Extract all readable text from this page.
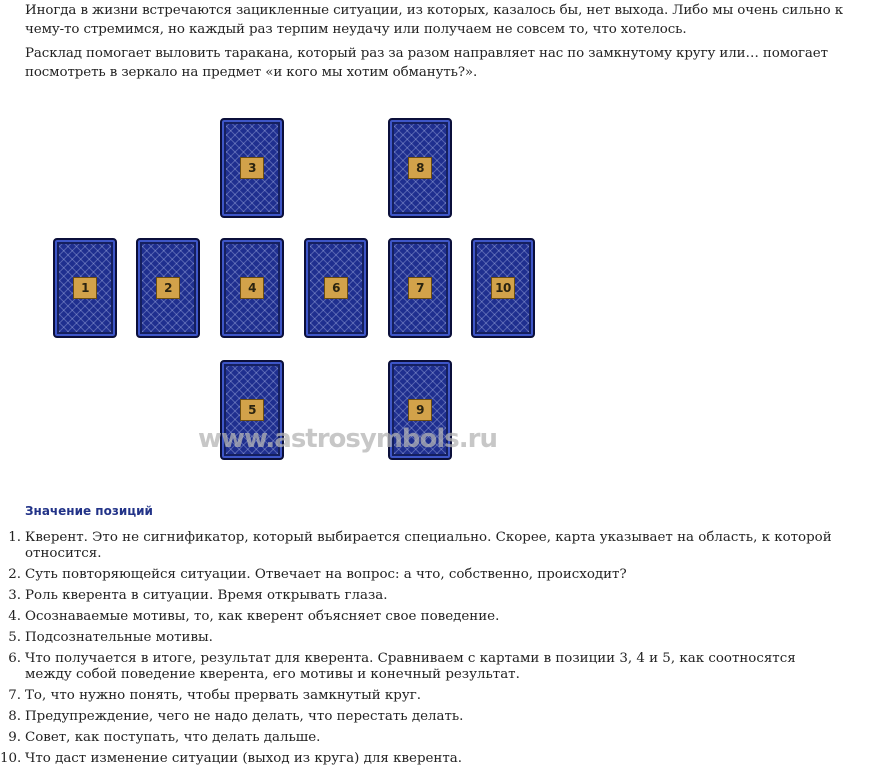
Иногда в жизни встречаются зацикленные ситуации, из которых, казалось бы, нет выхода. Либо мы очень сильно к чему-то стремимся, но каждый раз терпим неудачу или получаем не совсем то, что хотелось.

Расклад помогает выловить таракана, который раз за разом направляет нас по замкнутому кругу или… помогает посмотреть в зеркало на предмет «и кого мы хотим обмануть?».

3	8
1	2	4	6	7	10
5	9
www.astrosymbols.ru
Значение позиций
1. Кверент. Это не сигнификатор, который выбирается специально. Скорее, карта указывает на область, к которой относится.
2. Суть повторяющейся ситуации. Отвечает на вопрос: а что, собственно, происходит?
3. Роль кверента в ситуации. Время открывать глаза.
4. Осознаваемые мотивы, то, как кверент объясняет свое поведение.
5. Подсознательные мотивы.
6. Что получается в итоге, результат для кверента. Сравниваем с картами в позиции 3, 4 и 5, как соотносятся между собой поведение кверента, его мотивы и конечный результат.
7. То, что нужно понять, чтобы прервать замкнутый круг.
8. Предупреждение, чего не надо делать, что перестать делать.
9. Совет, как поступать, что делать дальше.
10. Что даст изменение ситуации (выход из круга) для кверента.
